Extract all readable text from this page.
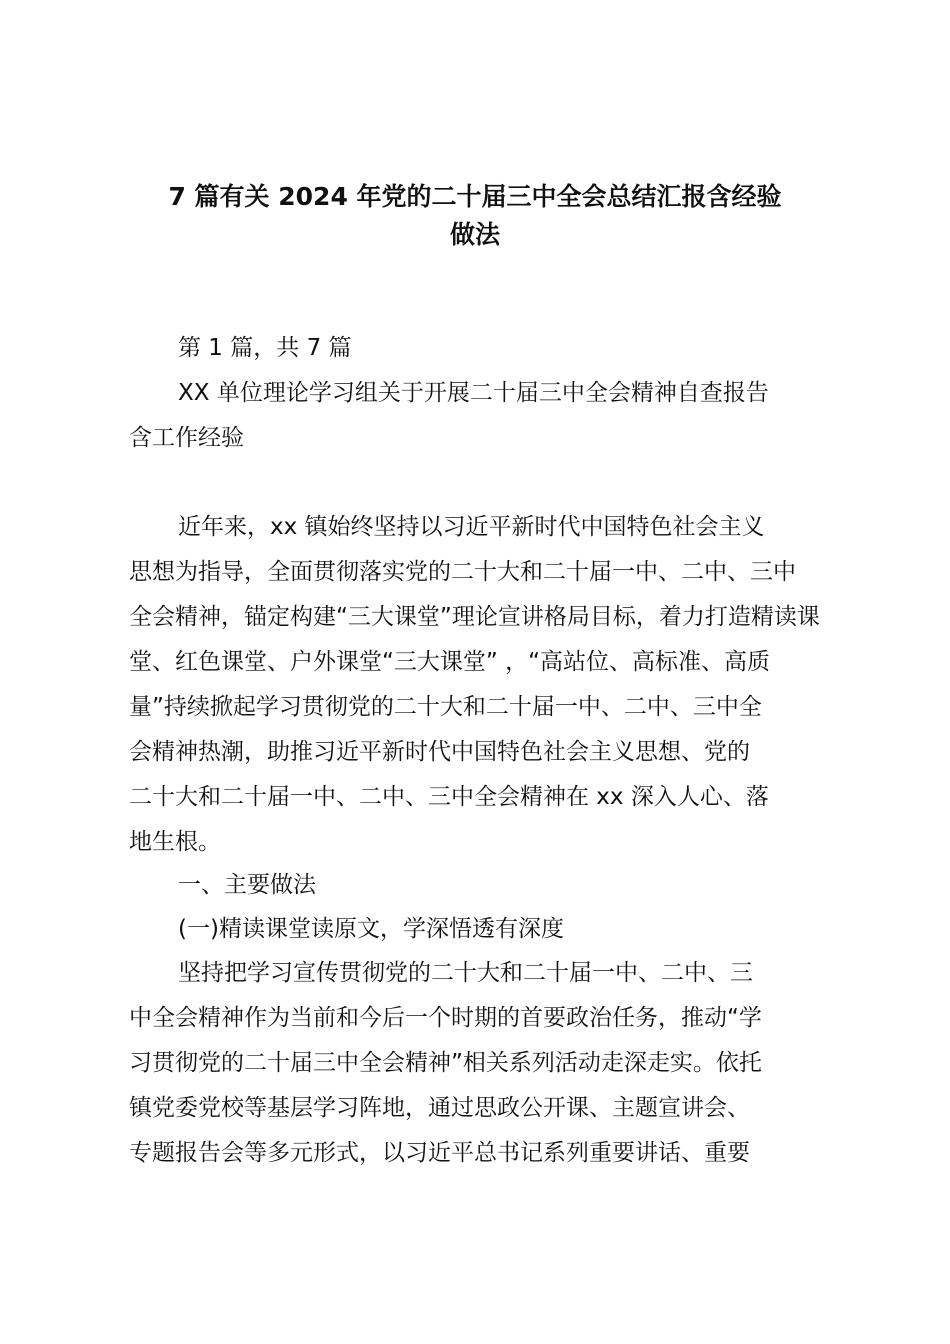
7 篇有关 2024 年党的二十届三中全会总结汇报含经验
做法

第 1 篇，共 7 篇

XX 单位理论学习组关于开展二十届三中全会精神自查报告

含工作经验

近年来，xx 镇始终坚持以习近平新时代中国特色社会主义

思想为指导，全面贯彻落实党的二十大和二十届一中、二中、三中

全会精神，锚定构建“三大课堂”理论宣讲格局目标，着力打造精读课

堂、红色课堂、户外课堂“三大课堂” ，“高站位、高标准、高质

量”持续掀起学习贯彻党的二十大和二十届一中、二中、三中全

会精神热潮，助推习近平新时代中国特色社会主义思想、党的

二十大和二十届一中、二中、三中全会精神在 xx 深入人心、落

地生根。

一、主要做法

(一)精读课堂读原文，学深悟透有深度

坚持把学习宣传贯彻党的二十大和二十届一中、二中、三

中全会精神作为当前和今后一个时期的首要政治任务，推动“学

习贯彻党的二十届三中全会精神”相关系列活动走深走实。依托

镇党委党校等基层学习阵地，通过思政公开课、主题宣讲会、

专题报告会等多元形式，以习近平总书记系列重要讲话、重要
